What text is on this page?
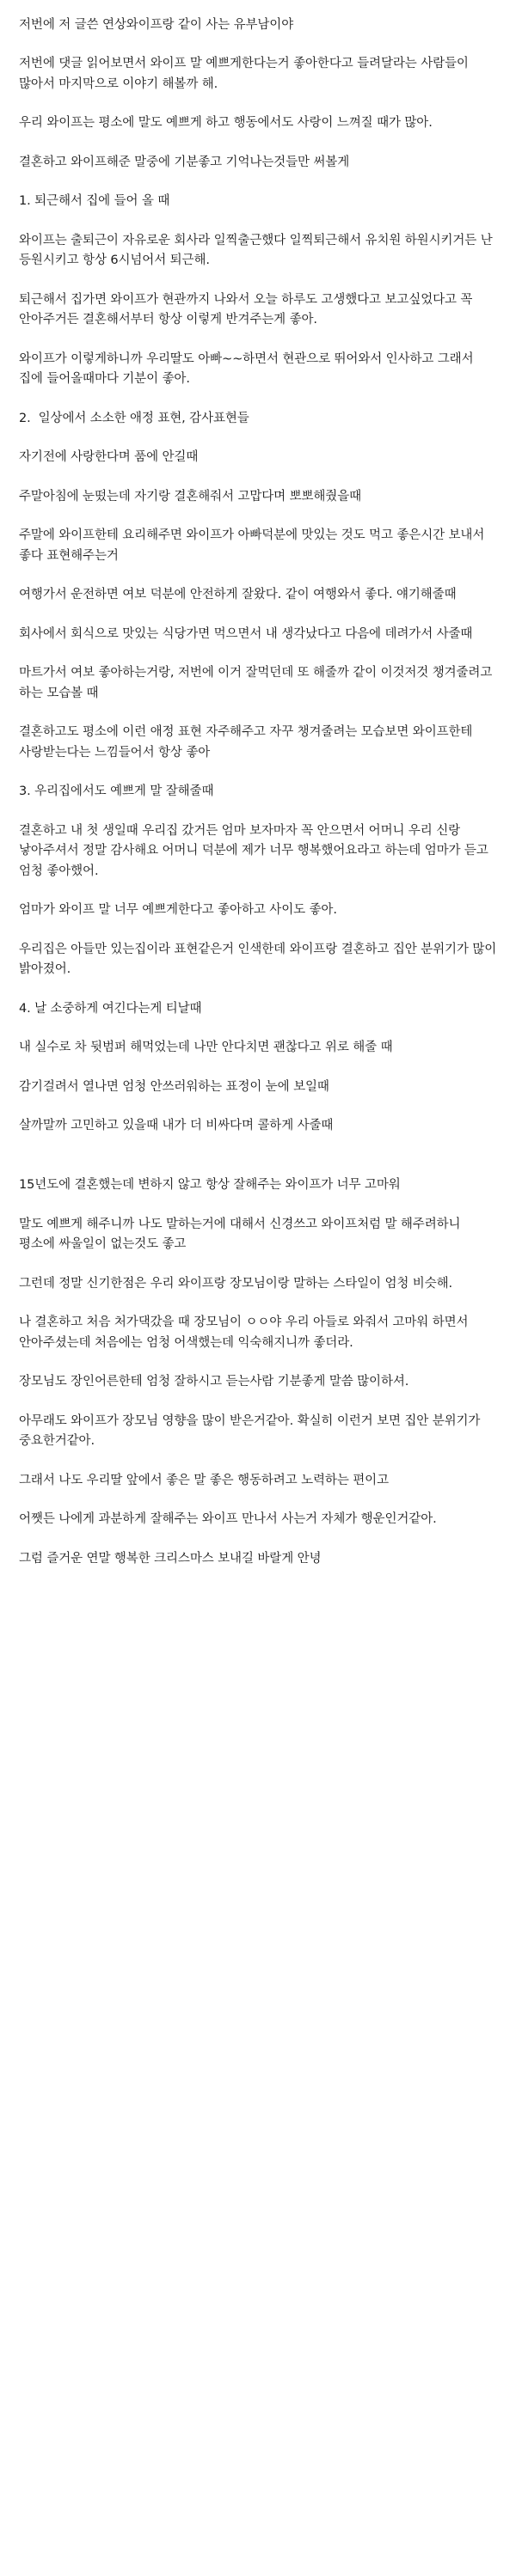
저번에 저 글쓴 연상와이프랑 같이 사는 유부남이야

저번에 댓글 읽어보면서 와이프 말 예쁘게한다는거 좋아한다고 들려달라는 사람들이 많아서 마지막으로 이야기 해볼까 해.

우리 와이프는 평소에 말도 예쁘게 하고 행동에서도 사랑이 느껴질 때가 많아.

결혼하고 와이프해준 말중에 기분좋고 기억나는것들만 써볼게

1. 퇴근해서 집에 들어 올 때

와이프는 출퇴근이 자유로운 회사라 일찍출근했다 일찍퇴근해서 유치원 하원시키거든 난 등원시키고 항상 6시넘어서 퇴근해.

퇴근해서 집가면 와이프가 현관까지 나와서 오늘 하루도 고생했다고 보고싶었다고 꼭 안아주거든 결혼해서부터 항상 이렇게 반겨주는게 좋아.

와이프가 이렇게하니까 우리딸도 아빠~~하면서 현관으로 뛰어와서 인사하고 그래서 집에 들어올때마다 기분이 좋아.

2.  일상에서 소소한 애정 표현, 감사표현들

자기전에 사랑한다며 품에 안길때

주말아침에 눈떴는데 자기랑 결혼해줘서 고맙다며 뽀뽀해줬을때

주말에 와이프한테 요리해주면 와이프가 아빠덕분에 맛있는 것도 먹고 좋은시간 보내서 좋다 표현해주는거

여행가서 운전하면 여보 덕분에 안전하게 잘왔다. 같이 여행와서 좋다. 얘기해줄때

회사에서 회식으로 맛있는 식당가면 먹으면서 내 생각났다고 다음에 데려가서 사줄때

마트가서 여보 좋아하는거랑, 저번에 이거 잘먹던데 또 해줄까 같이 이것저것 챙겨줄려고 하는 모습볼 때

결혼하고도 평소에 이런 애정 표현 자주해주고 자꾸 챙겨줄려는 모습보면 와이프한테 사랑받는다는 느낌들어서 항상 좋아

3. 우리집에서도 예쁘게 말 잘해줄때

결혼하고 내 첫 생일때 우리집 갔거든 엄마 보자마자 꼭 안으면서 어머니 우리 신랑 낳아주셔서 정말 감사해요 어머니 덕분에 제가 너무 행복했어요라고 하는데 엄마가 듣고 엄청 좋아했어.

엄마가 와이프 말 너무 예쁘게한다고 좋아하고 사이도 좋아.

우리집은 아들만 있는집이라 표현같은거 인색한데 와이프랑 결혼하고 집안 분위기가 많이 밝아졌어.

4. 날 소중하게 여긴다는게 티날때

내 실수로 차 뒷범퍼 해먹었는데 나만 안다치면 괜찮다고 위로 해줄 때

감기걸려서 열나면 엄청 안쓰러워하는 표정이 눈에 보일때

살까말까 고민하고 있을때 내가 더 비싸다며 콜하게 사줄때

15년도에 결혼했는데 변하지 않고 항상 잘해주는 와이프가 너무 고마워

말도 예쁘게 해주니까 나도 말하는거에 대해서 신경쓰고 와이프처럼 말 해주려하니 평소에 싸울일이 없는것도 좋고

그런데 정말 신기한점은 우리 와이프랑 장모님이랑 말하는 스타일이 엄청 비슷해.

나 결혼하고 처음 처가댁갔을 때 장모님이 ㅇㅇ야 우리 아들로 와줘서 고마워 하면서 안아주셨는데 처음에는 엄청 어색했는데 익숙해지니까 좋더라.

장모님도 장인어른한테 엄청 잘하시고 듣는사람 기분좋게 말씀 많이하셔.

아무래도 와이프가 장모님 영향을 많이 받은거같아. 확실히 이런거 보면 집안 분위기가 중요한거같아.

그래서 나도 우리딸 앞에서 좋은 말 좋은 행동하려고 노력하는 편이고

어쨋든 나에게 과분하게 잘해주는 와이프 만나서 사는거 자체가 행운인거같아.

그럼 즐거운 연말 행복한 크리스마스 보내길 바랄게 안녕
